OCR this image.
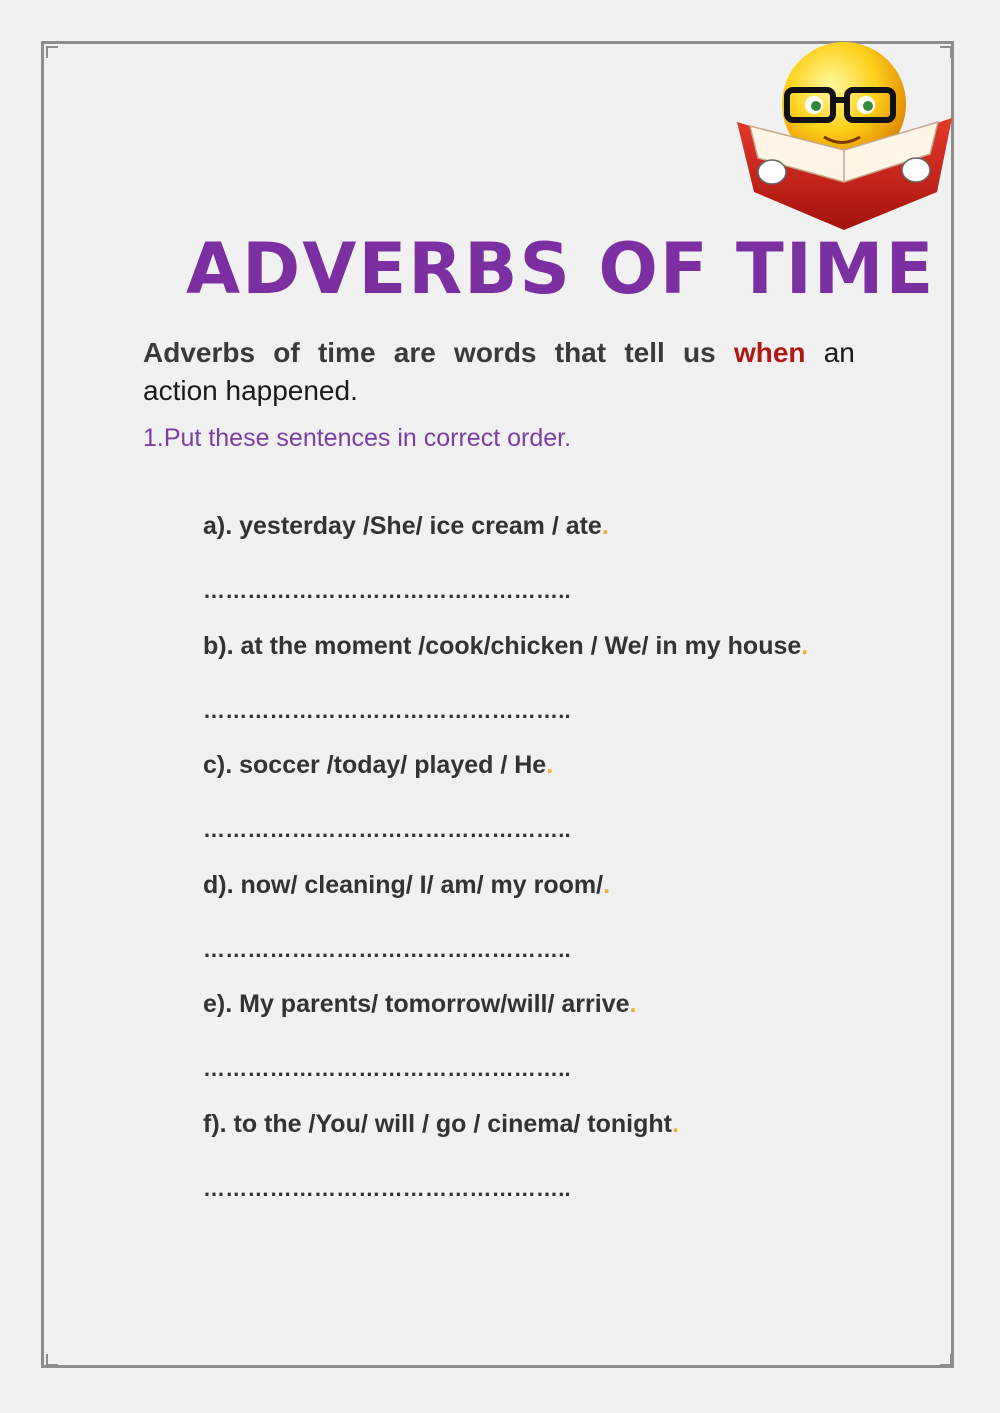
ADVERBS OF TIME
Adverbs of time are words that tell us when an
action happened.

1.Put these sentences in correct order.

a). yesterday /She/ ice cream / ate.
…………………………………………..
b). at the moment /cook/chicken / We/ in my house.
…………………………………………..
c). soccer /today/ played / He.
…………………………………………..
d). now/ cleaning/ I/ am/ my room/.
…………………………………………..
e). My parents/ tomorrow/will/ arrive.
…………………………………………..
f). to the /You/ will / go / cinema/ tonight.
…………………………………………..
